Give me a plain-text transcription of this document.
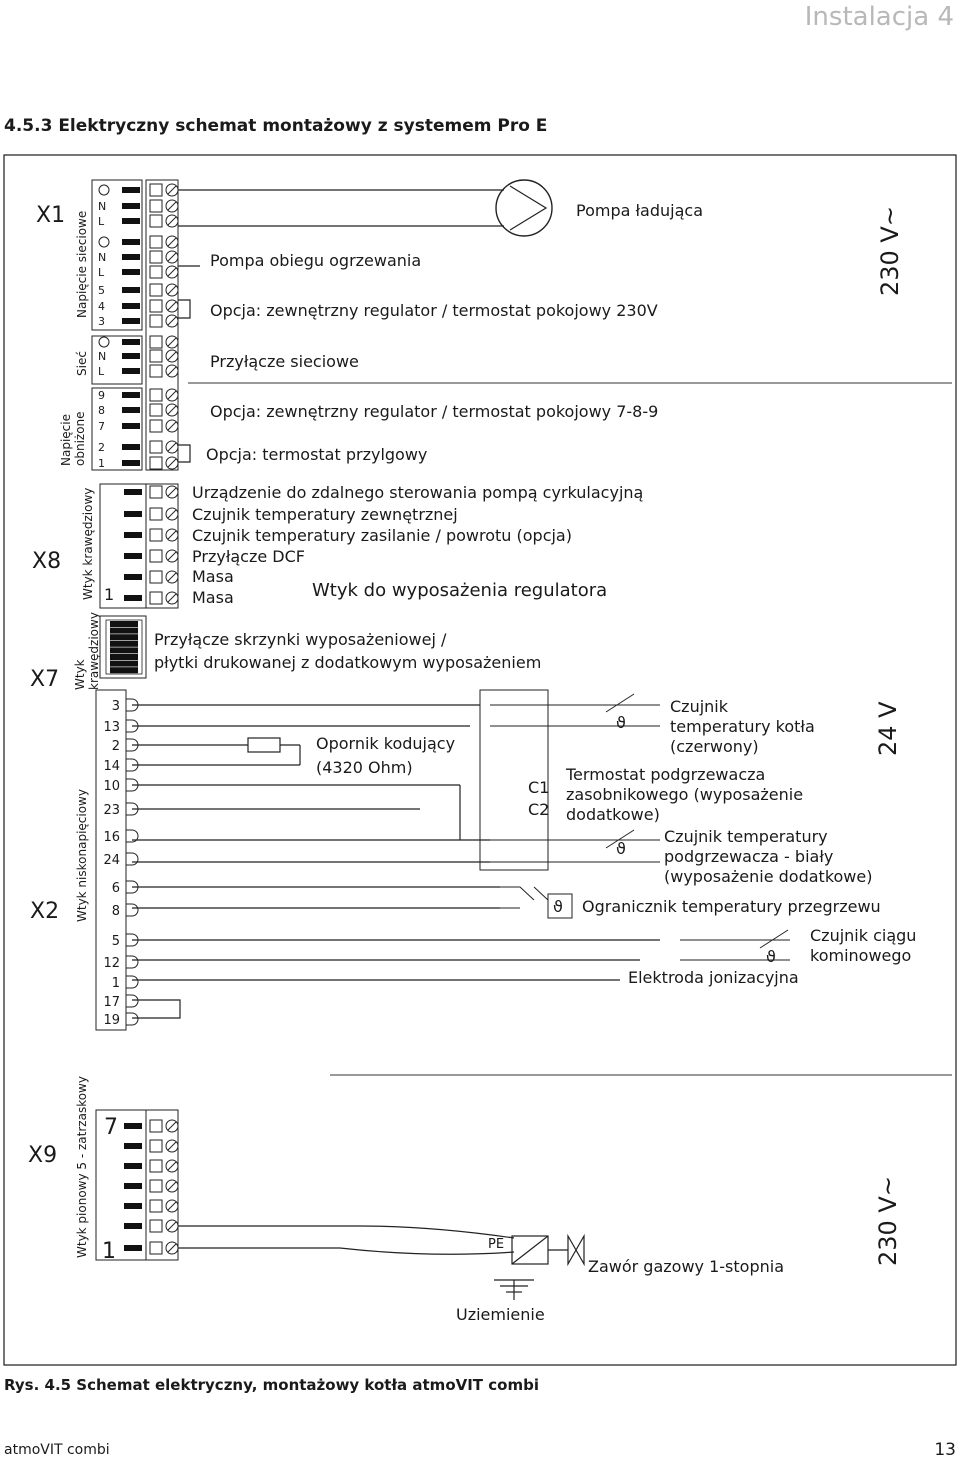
Instalacja 4
4.5.3 Elektryczny schemat montażowy z systemem Pro E
X1
X8
X7
X2
X9
Napięcie sieciowe
Sieć
Napięcie obniżone
Wtyk krawędziowy
Wtyk krawędziowy
Wtyk niskonapięciowy
Wtyk pionowy 5 - zatrzaskowy
N
L
N
L
5
4
3
N
L
9
8
7
2
1
1
3
13
2
14
10
23
16
24
6
8
5
12
1
17
19
7
1
Pompa ładująca
Pompa obiegu ogrzewania
Opcja: zewnętrzny regulator / termostat pokojowy 230V
Przyłącze sieciowe
Opcja: zewnętrzny regulator / termostat pokojowy 7-8-9
Opcja: termostat przylgowy
Urządzenie do zdalnego sterowania pompą cyrkulacyjną
Czujnik temperatury zewnętrznej
Czujnik temperatury zasilanie / powrotu (opcja)
Przyłącze DCF
Masa
Masa	Wtyk do wyposażenia regulatora
Przyłącze skrzynki wyposażeniowej /
płytki drukowanej z dodatkowym wyposażeniem
Opornik kodujący
(4320 Ohm)
C1
C2
Czujnik
temperatury kotła
(czerwony)
ϑ
Termostat podgrzewacza
zasobnikowego (wyposażenie
dodatkowe)
Czujnik temperatury
podgrzewacza - biały
(wyposażenie dodatkowe)
ϑ
ϑ Ogranicznik temperatury przegrzewu
Czujnik ciągu
kominowego
ϑ
Elektroda jonizacyjna
PE
Zawór gazowy 1-stopnia
Uziemienie
230 V~
24 V
230 V~
Rys. 4.5 Schemat elektryczny, montażowy kotła atmoVIT combi
atmoVIT combi	13
